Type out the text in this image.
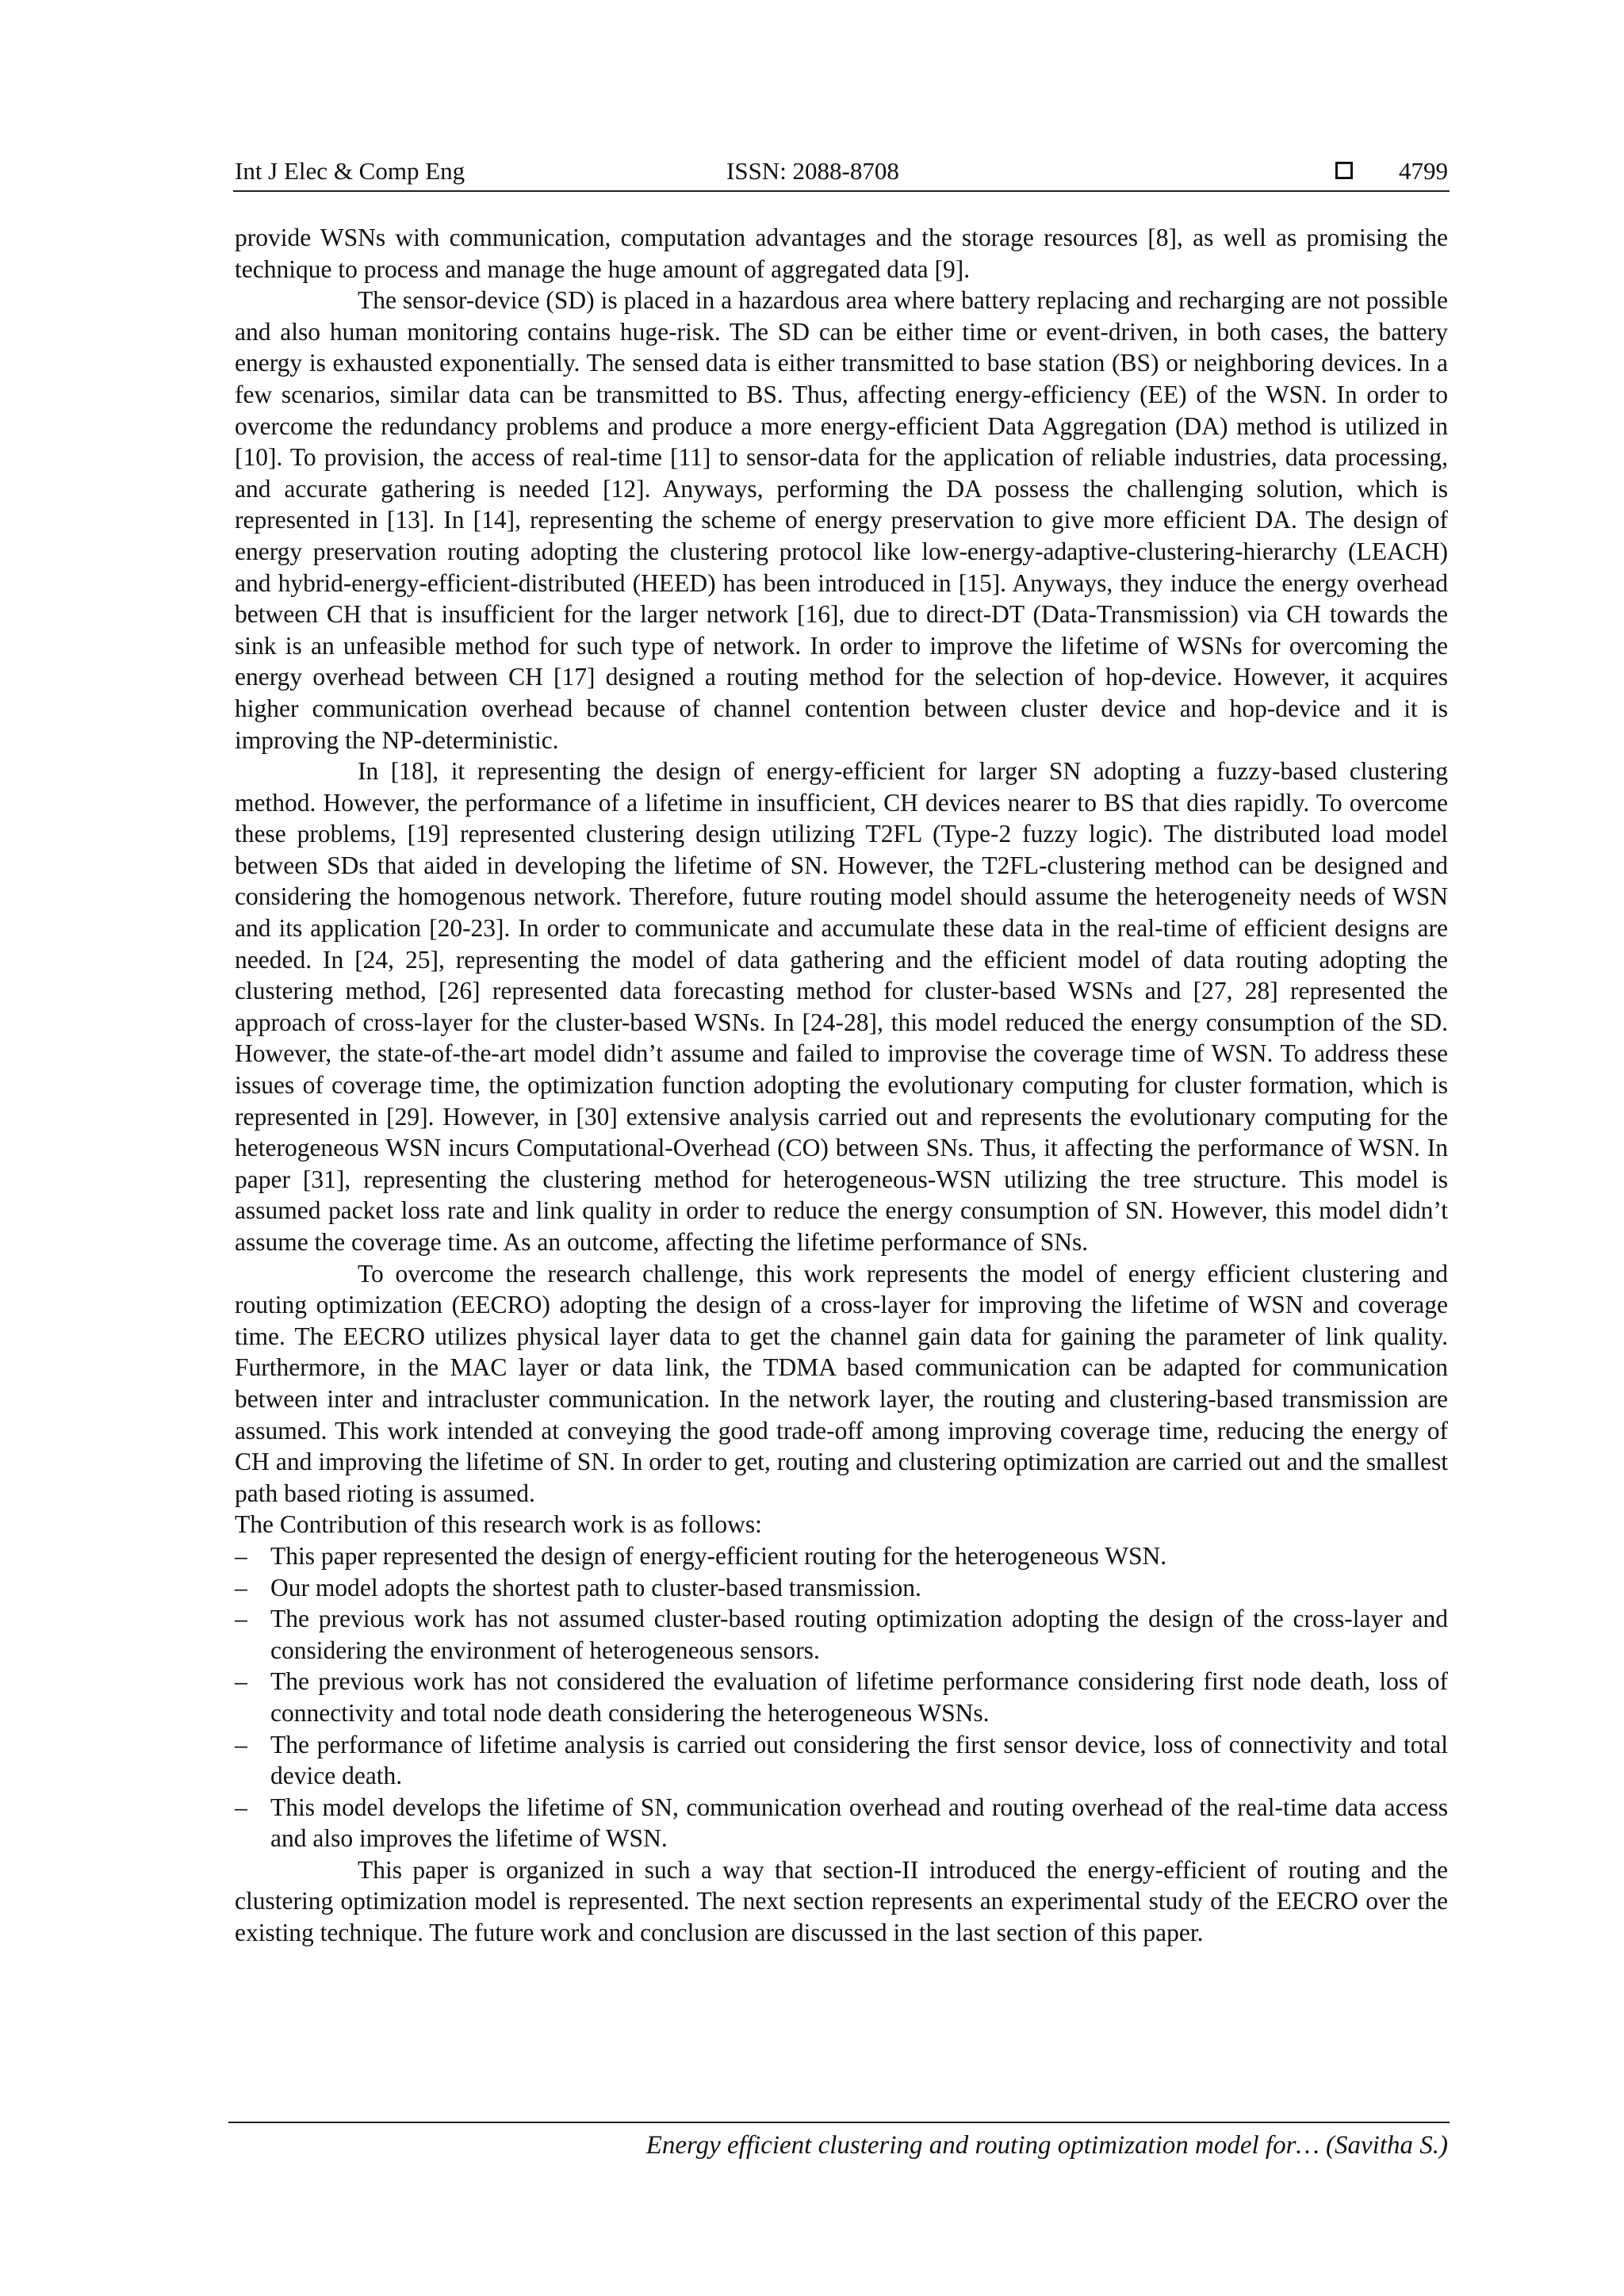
Int J Elec & Comp Eng	ISSN: 2088-8708	4799

provide WSNs with communication, computation advantages and the storage resources [8], as well as promising the technique to process and manage the huge amount of aggregated data [9].

The sensor-device (SD) is placed in a hazardous area where battery replacing and recharging are not possible and also human monitoring contains huge-risk. The SD can be either time or event-driven, in both cases, the battery energy is exhausted exponentially. The sensed data is either transmitted to base station (BS) or neighboring devices. In a few scenarios, similar data can be transmitted to BS. Thus, affecting energy-efficiency (EE) of the WSN. In order to overcome the redundancy problems and produce a more energy-efficient Data Aggregation (DA) method is utilized in [10]. To provision, the access of real-time [11] to sensor-data for the application of reliable industries, data processing, and accurate gathering is needed [12]. Anyways, performing the DA possess the challenging solution, which is represented in [13]. In [14], representing the scheme of energy preservation to give more efficient DA. The design of energy preservation routing adopting the clustering protocol like low-energy-adaptive-clustering-hierarchy (LEACH) and hybrid-energy-efficient-distributed (HEED) has been introduced in [15]. Anyways, they induce the energy overhead between CH that is insufficient for the larger network [16], due to direct-DT (Data-Transmission) via CH towards the sink is an unfeasible method for such type of network. In order to improve the lifetime of WSNs for overcoming the energy overhead between CH [17] designed a routing method for the selection of hop-device. However, it acquires higher communication overhead because of channel contention between cluster device and hop-device and it is improving the NP-deterministic.

In [18], it representing the design of energy-efficient for larger SN adopting a fuzzy-based clustering method. However, the performance of a lifetime in insufficient, CH devices nearer to BS that dies rapidly. To overcome these problems, [19] represented clustering design utilizing T2FL (Type-2 fuzzy logic). The distributed load model between SDs that aided in developing the lifetime of SN. However, the T2FL-clustering method can be designed and considering the homogenous network. Therefore, future routing model should assume the heterogeneity needs of WSN and its application [20-23]. In order to communicate and accumulate these data in the real-time of efficient designs are needed. In [24, 25], representing the model of data gathering and the efficient model of data routing adopting the clustering method, [26] represented data forecasting method for cluster-based WSNs and [27, 28] represented the approach of cross-layer for the cluster-based WSNs. In [24-28], this model reduced the energy consumption of the SD. However, the state-of-the-art model didn’t assume and failed to improvise the coverage time of WSN. To address these issues of coverage time, the optimization function adopting the evolutionary computing for cluster formation, which is represented in [29]. However, in [30] extensive analysis carried out and represents the evolutionary computing for the heterogeneous WSN incurs Computational-Overhead (CO) between SNs. Thus, it affecting the performance of WSN. In paper [31], representing the clustering method for heterogeneous-WSN utilizing the tree structure. This model is assumed packet loss rate and link quality in order to reduce the energy consumption of SN. However, this model didn’t assume the coverage time. As an outcome, affecting the lifetime performance of SNs.

To overcome the research challenge, this work represents the model of energy efficient clustering and routing optimization (EECRO) adopting the design of a cross-layer for improving the lifetime of WSN and coverage time. The EECRO utilizes physical layer data to get the channel gain data for gaining the parameter of link quality. Furthermore, in the MAC layer or data link, the TDMA based communication can be adapted for communication between inter and intracluster communication. In the network layer, the routing and clustering-based transmission are assumed. This work intended at conveying the good trade-off among improving coverage time, reducing the energy of CH and improving the lifetime of SN. In order to get, routing and clustering optimization are carried out and the smallest path based rioting is assumed.

The Contribution of this research work is as follows:

– This paper represented the design of energy-efficient routing for the heterogeneous WSN.
– Our model adopts the shortest path to cluster-based transmission.
– The previous work has not assumed cluster-based routing optimization adopting the design of the cross-layer and considering the environment of heterogeneous sensors.
– The previous work has not considered the evaluation of lifetime performance considering first node death, loss of connectivity and total node death considering the heterogeneous WSNs.
– The performance of lifetime analysis is carried out considering the first sensor device, loss of connectivity and total device death.
– This model develops the lifetime of SN, communication overhead and routing overhead of the real-time data access and also improves the lifetime of WSN.

This paper is organized in such a way that section-II introduced the energy-efficient of routing and the clustering optimization model is represented. The next section represents an experimental study of the EECRO over the existing technique. The future work and conclusion are discussed in the last section of this paper.

Energy efficient clustering and routing optimization model for… (Savitha S.)
